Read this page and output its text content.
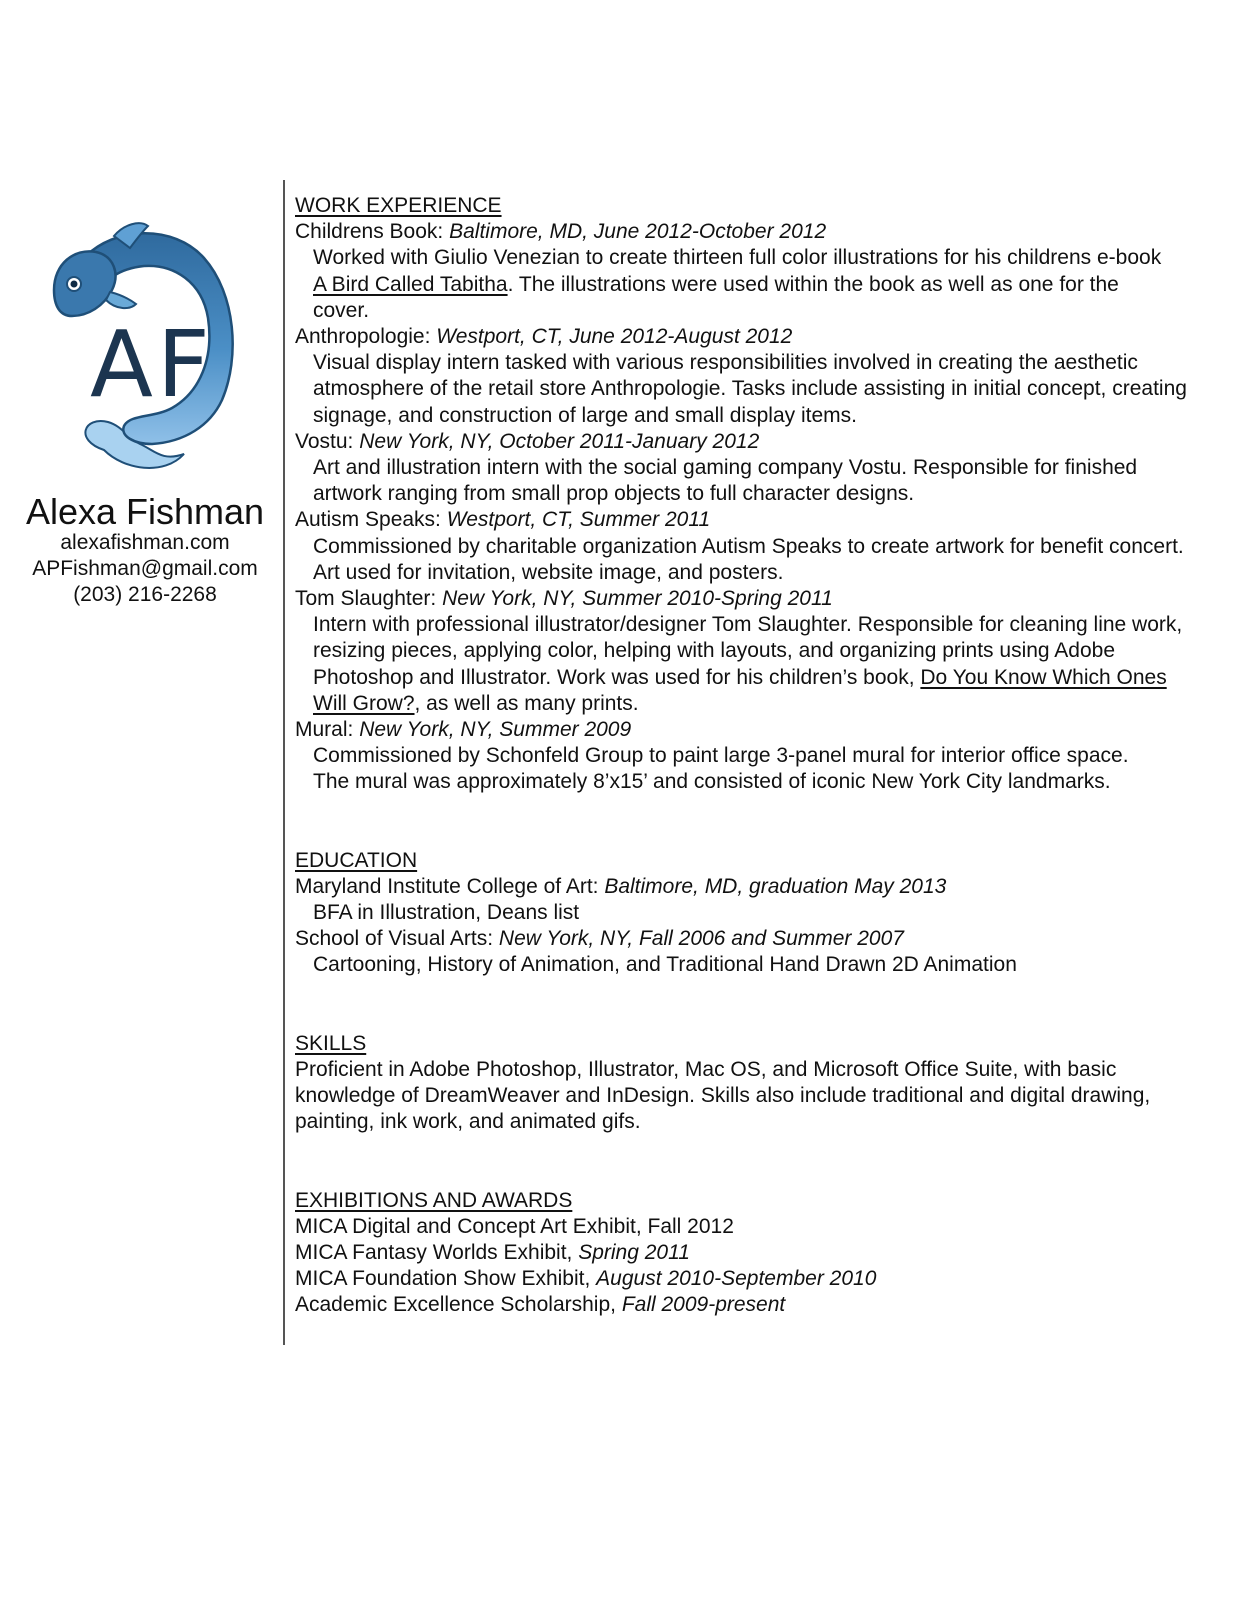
AF
Alexa Fishman
alexafishman.com
APFishman@gmail.com
(203) 216-2268
WORK EXPERIENCE
Childrens Book: Baltimore, MD, June 2012-October 2012
Worked with Giulio Venezian to create thirteen full color illustrations for his childrens e-book
A Bird Called Tabitha. The illustrations were used within the book as well as one for the
cover.
Anthropologie: Westport, CT, June 2012-August 2012
Visual display intern tasked with various responsibilities involved in creating the aesthetic
atmosphere of the retail store Anthropologie. Tasks include assisting in initial concept, creating
signage, and construction of large and small display items.
Vostu: New York, NY, October 2011-January 2012
Art and illustration intern with the social gaming company Vostu. Responsible for finished
artwork ranging from small prop objects to full character designs.
Autism Speaks: Westport, CT, Summer 2011
Commissioned by charitable organization Autism Speaks to create artwork for benefit concert.
Art used for invitation, website image, and posters.
Tom Slaughter: New York, NY, Summer 2010-Spring 2011
Intern with professional illustrator/designer Tom Slaughter. Responsible for cleaning line work,
resizing pieces, applying color, helping with layouts, and organizing prints using Adobe
Photoshop and Illustrator. Work was used for his children’s book, Do You Know Which Ones
Will Grow?, as well as many prints.
Mural: New York, NY, Summer 2009
Commissioned by Schonfeld Group to paint large 3-panel mural for interior office space.
The mural was approximately 8’x15’ and consisted of iconic New York City landmarks.
EDUCATION
Maryland Institute College of Art: Baltimore, MD, graduation May 2013
BFA in Illustration, Deans list
School of Visual Arts: New York, NY, Fall 2006 and Summer 2007
Cartooning, History of Animation, and Traditional Hand Drawn 2D Animation
SKILLS
Proficient in Adobe Photoshop, Illustrator, Mac OS, and Microsoft Office Suite, with basic
knowledge of DreamWeaver and InDesign. Skills also include traditional and digital drawing,
painting, ink work, and animated gifs.
EXHIBITIONS AND AWARDS
MICA Digital and Concept Art Exhibit, Fall 2012
MICA Fantasy Worlds Exhibit, Spring 2011
MICA Foundation Show Exhibit, August 2010-September 2010
Academic Excellence Scholarship, Fall 2009-present
